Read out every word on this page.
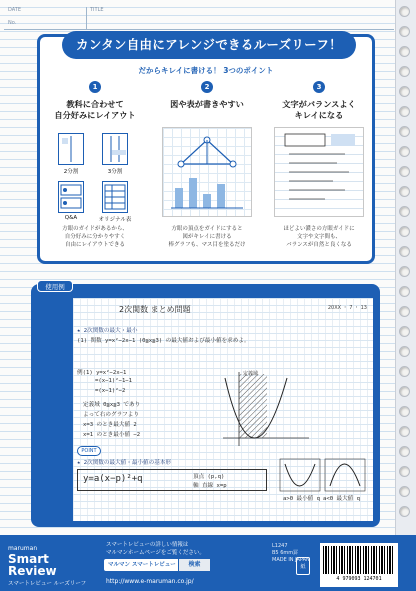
DATE	TITLE
No.
カンタン自由にアレンジできるルーズリーフ！
だからキレイに書ける！ 3つのポイント
1
教科に合わせて
自分好みにレイアウト
2分割	3分割
Q&A	オリジナル表
方眼のガイドがあるから、
自分好みに分かりやすく
自由にレイアウトできる
2
図や表が書きやすい
方眼の頂点をガイドにすると
図がキレイに書ける
棒グラフも、マス目を塗るだけ
3
文字がバランスよく
キレイになる
ほどよい濃さの方眼ガイドに
文字や文字間も、
バランスが自然と良くなる
使用例
2次関数 まとめ問題	20XX ・ 7 ・ 13
★ 2次関数の最大・最小
(1) 関数 y=x²−2x−1 (0≦x≦3) の最大値および最小値を求めよ。
例(1) y=x²−2x−1
=(x−1)²−1−1
=(x−1)²−2
定義域 0≦x≦3 であり
よって右のグラフより
x=3 のとき最大値 2
x=1 のとき最小値 −2
POINT
★ 2次関数の最大値・最小値の基本形
y=a(x−p)²+q	頂点 (p,q)
軸 直線 x=p
a>0 最小値 q a<0 最大値 q
maruman
Smart
Review
スマートレビュー ルーズリーフ
スマートレビューの詳しい情報は
マルマンホームページをご覧ください。
マルマン スマートレビュー	検索
http://www.e-maruman.co.jp/
紙
L1247
B5 6mm罫
MADE IN JAPAN
4 979093 124701
